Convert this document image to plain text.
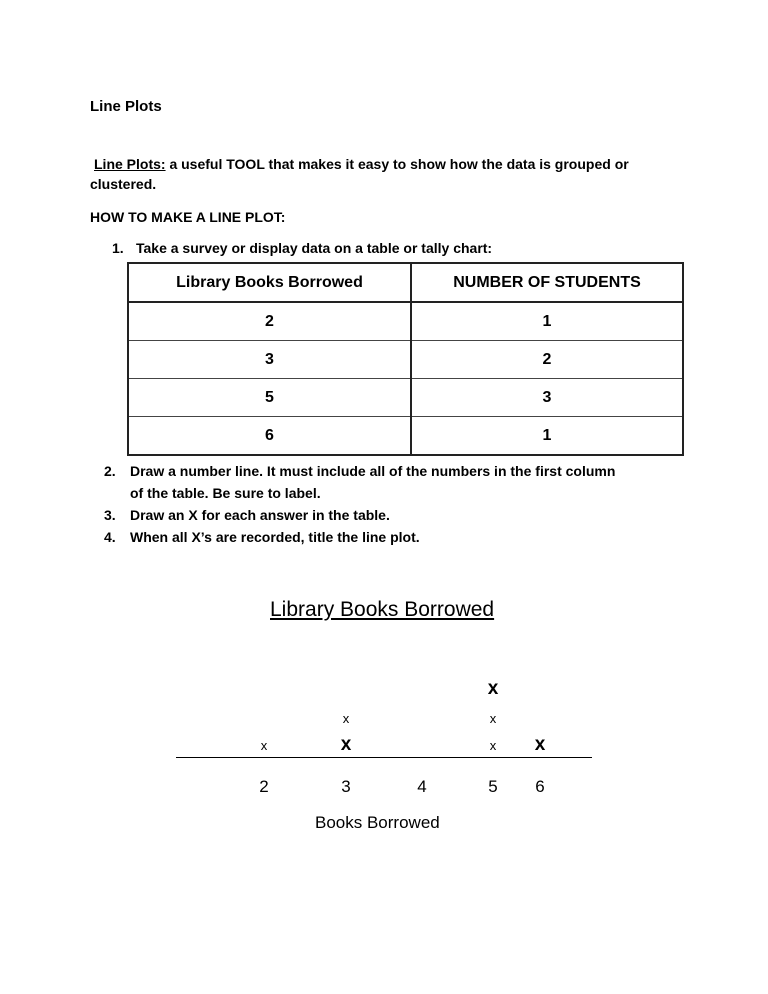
Line Plots
Line Plots: a useful TOOL that makes it easy to show how the data is grouped or clustered.
HOW TO MAKE A LINE PLOT:
1. Take a survey or display data on a table or tally chart:
Library Books Borrowed	NUMBER OF STUDENTS
2	1
3	2
5	3
6	1
2. Draw a number line. It must include all of the numbers in the first column
of the table. Be sure to label.
3. Draw an X for each answer in the table.
4. When all X’s are recorded, title the line plot.
Library Books Borrowed
2
x
3
x
x
4	5
x
x
x
6
x
Books Borrowed
